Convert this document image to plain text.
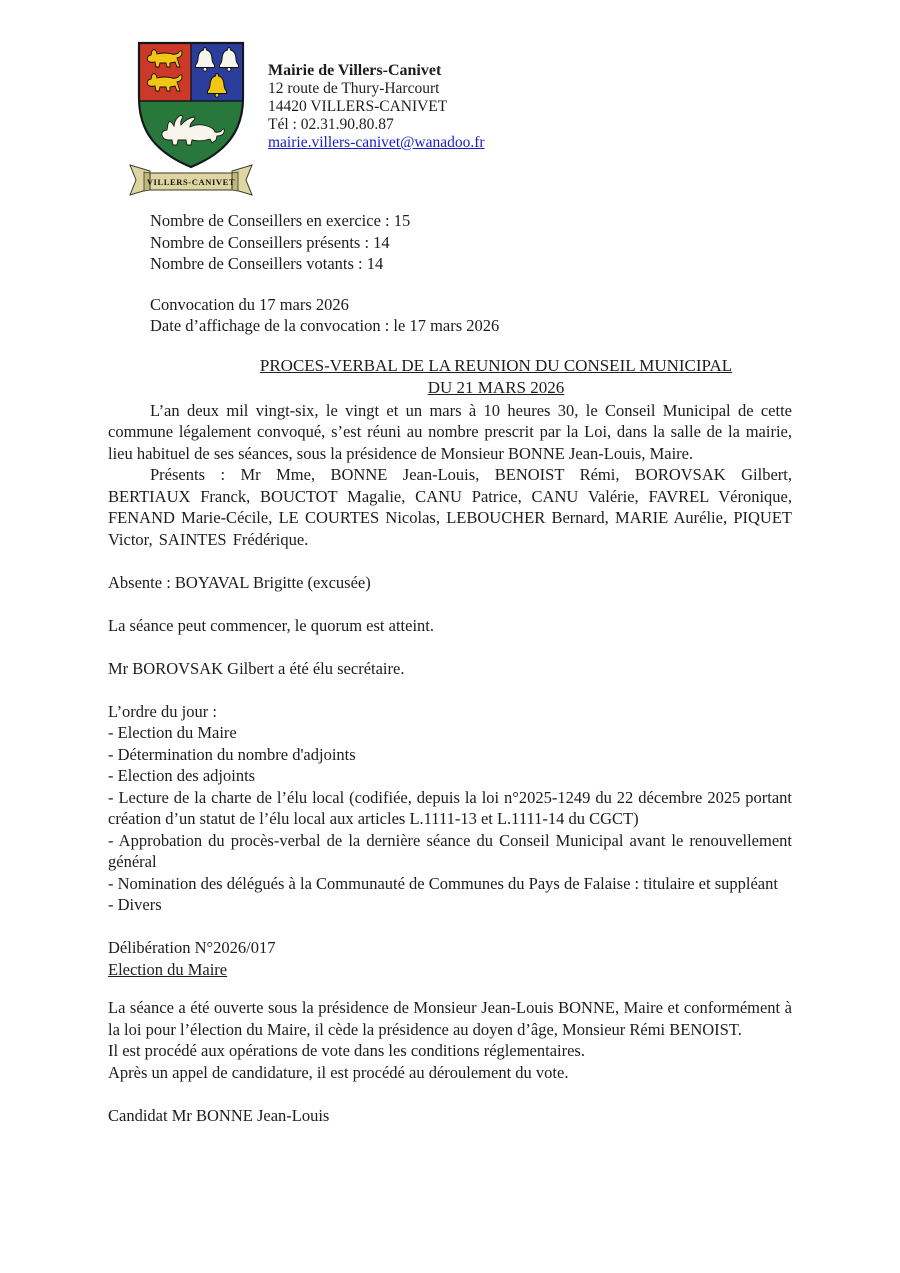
VILLERS-CANIVET
Mairie de Villers-Canivet
12 route de Thury-Harcourt
14420 VILLERS-CANIVET
Tél : 02.31.90.80.87
mairie.villers-canivet@wanadoo.fr
Nombre de Conseillers en exercice : 15
Nombre de Conseillers présents : 14
Nombre de Conseillers votants : 14
Convocation du 17 mars 2026
Date d’affichage de la convocation : le 17 mars 2026
PROCES-VERBAL DE LA REUNION DU CONSEIL MUNICIPAL
DU 21 MARS 2026

L’an deux mil vingt-six, le vingt et un mars à 10 heures 30, le Conseil Municipal de cette commune légalement convoqué, s’est réuni au nombre prescrit par la Loi, dans la salle de la mairie, lieu habituel de ses séances, sous la présidence de Monsieur BONNE Jean-Louis, Maire.

Présents : Mr Mme, BONNE Jean-Louis, BENOIST Rémi, BOROVSAK Gilbert, BERTIAUX Franck, BOUCTOT Magalie, CANU Patrice, CANU Valérie, FAVREL Véronique, FENAND Marie-Cécile, LE COURTES Nicolas, LEBOUCHER Bernard, MARIE Aurélie, PIQUET Victor, SAINTES Frédérique.

Absente : BOYAVAL Brigitte (excusée)

La séance peut commencer, le quorum est atteint.

Mr BOROVSAK Gilbert a été élu secrétaire.

L’ordre du jour :

- Election du Maire

- Détermination du nombre d'adjoints

- Election des adjoints

- Lecture de la charte de l’élu local (codifiée, depuis la loi n°2025-1249 du 22 décembre 2025 portant création d’un statut de l’élu local aux articles L.1111-13 et L.1111-14 du CGCT)

- Approbation du procès-verbal de la dernière séance du Conseil Municipal avant le renouvellement général

- Nomination des délégués à la Communauté de Communes du Pays de Falaise : titulaire et suppléant

- Divers

Délibération N°2026/017

Election du Maire

La séance a été ouverte sous la présidence de Monsieur Jean-Louis BONNE, Maire et conformément à la loi pour l’élection du Maire, il cède la présidence au doyen d’âge, Monsieur Rémi BENOIST.

Il est procédé aux opérations de vote dans les conditions réglementaires.

Après un appel de candidature, il est procédé au déroulement du vote.

Candidat Mr BONNE Jean-Louis
